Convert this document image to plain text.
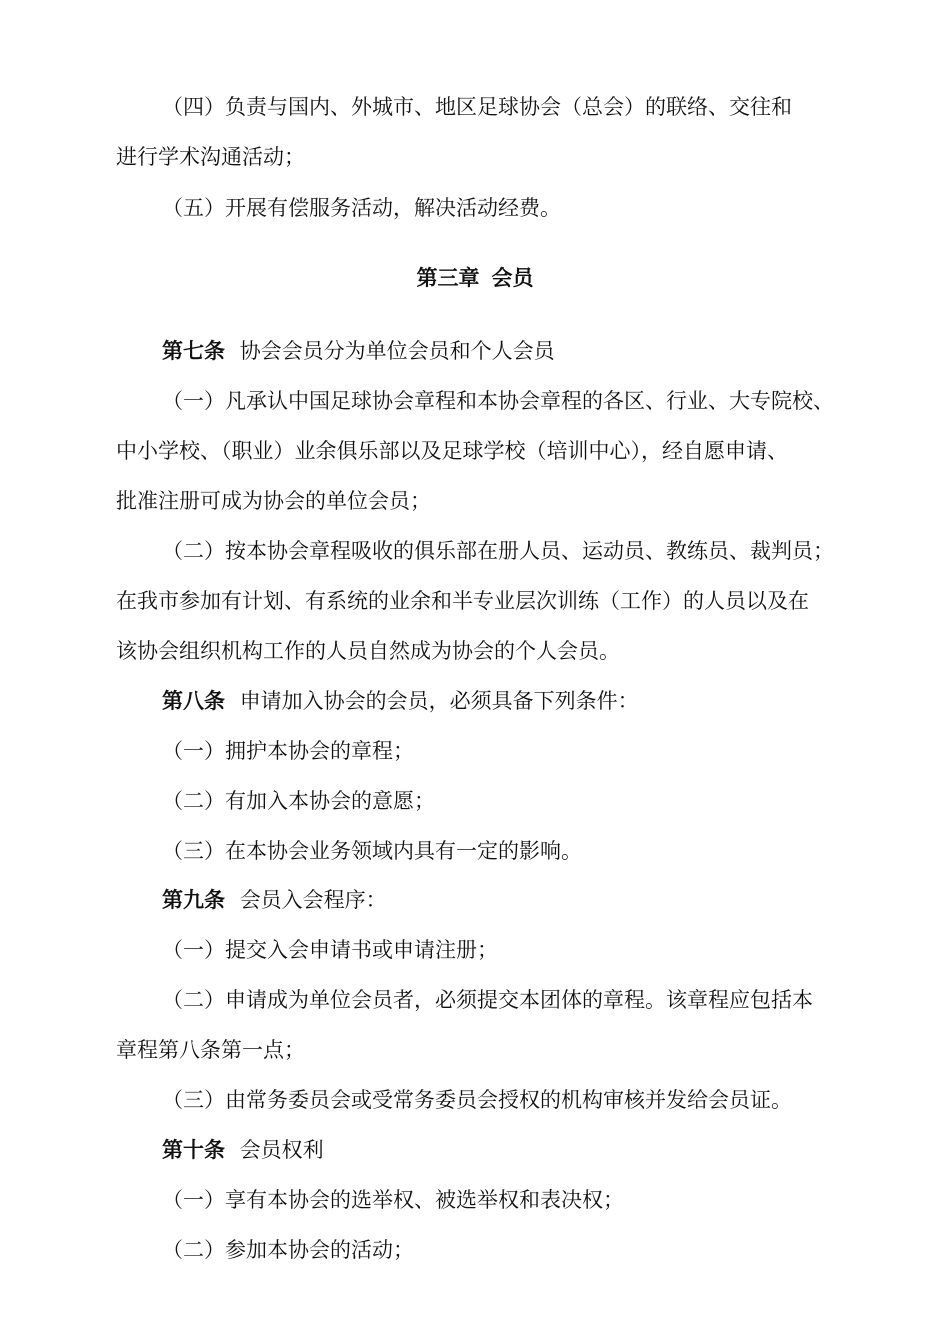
（四）负责与国内、外城市、地区足球协会（总会）的联络、交往和
进行学术沟通活动；
（五）开展有偿服务活动，解决活动经费。
第三章 会员
第七条 协会会员分为单位会员和个人会员
（一）凡承认中国足球协会章程和本协会章程的各区、行业、大专院校、
中小学校、（职业）业余俱乐部以及足球学校（培训中心），经自愿申请、
批准注册可成为协会的单位会员；
（二）按本协会章程吸收的俱乐部在册人员、运动员、教练员、裁判员；
在我市参加有计划、有系统的业余和半专业层次训练（工作）的人员以及在
该协会组织机构工作的人员自然成为协会的个人会员。
第八条 申请加入协会的会员，必须具备下列条件：
（一）拥护本协会的章程；
（二）有加入本协会的意愿；
（三）在本协会业务领域内具有一定的影响。
第九条 会员入会程序：
（一）提交入会申请书或申请注册；
（二）申请成为单位会员者，必须提交本团体的章程。该章程应包括本
章程第八条第一点；
（三）由常务委员会或受常务委员会授权的机构审核并发给会员证。
第十条 会员权利
（一）享有本协会的选举权、被选举权和表决权；
（二）参加本协会的活动；
